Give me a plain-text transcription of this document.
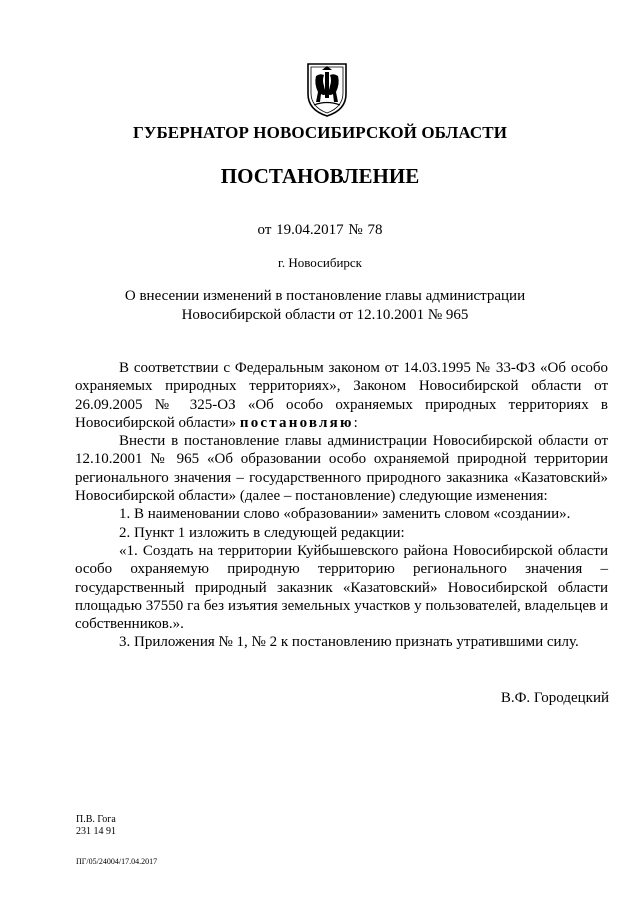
ГУБЕРНАТОР НОВОСИБИРСКОЙ ОБЛАСТИ
ПОСТАНОВЛЕНИЕ
от 19.04.2017 № 78
г. Новосибирск
О внесении изменений в постановление главы администрации Новосибирской области от 12.10.2001 № 965

В соответствии с Федеральным законом от 14.03.1995 № 33-ФЗ «Об особо охраняемых природных территориях», Законом Новосибирской области от 26.09.2005 № 325-ОЗ «Об особо охраняемых природных территориях в Новосибирской области» постановляю:

Внести в постановление главы администрации Новосибирской области от 12.10.2001 № 965 «Об образовании особо охраняемой природной территории регионального значения – государственного природного заказника «Казатовский» Новосибирской области» (далее – постановление) следующие изменения:

1. В наименовании слово «образовании» заменить словом «создании».

2. Пункт 1 изложить в следующей редакции:

«1. Создать на территории Куйбышевского района Новосибирской области особо охраняемую природную территорию регионального значения – государственный природный заказник «Казатовский» Новосибирской области площадью 37550 га без изъятия земельных участков у пользователей, владельцев и собственников.».

3. Приложения № 1, № 2 к постановлению признать утратившими силу.

В.Ф. Городецкий
П.В. Гога
231 14 91
ПГ/05/24004/17.04.2017
